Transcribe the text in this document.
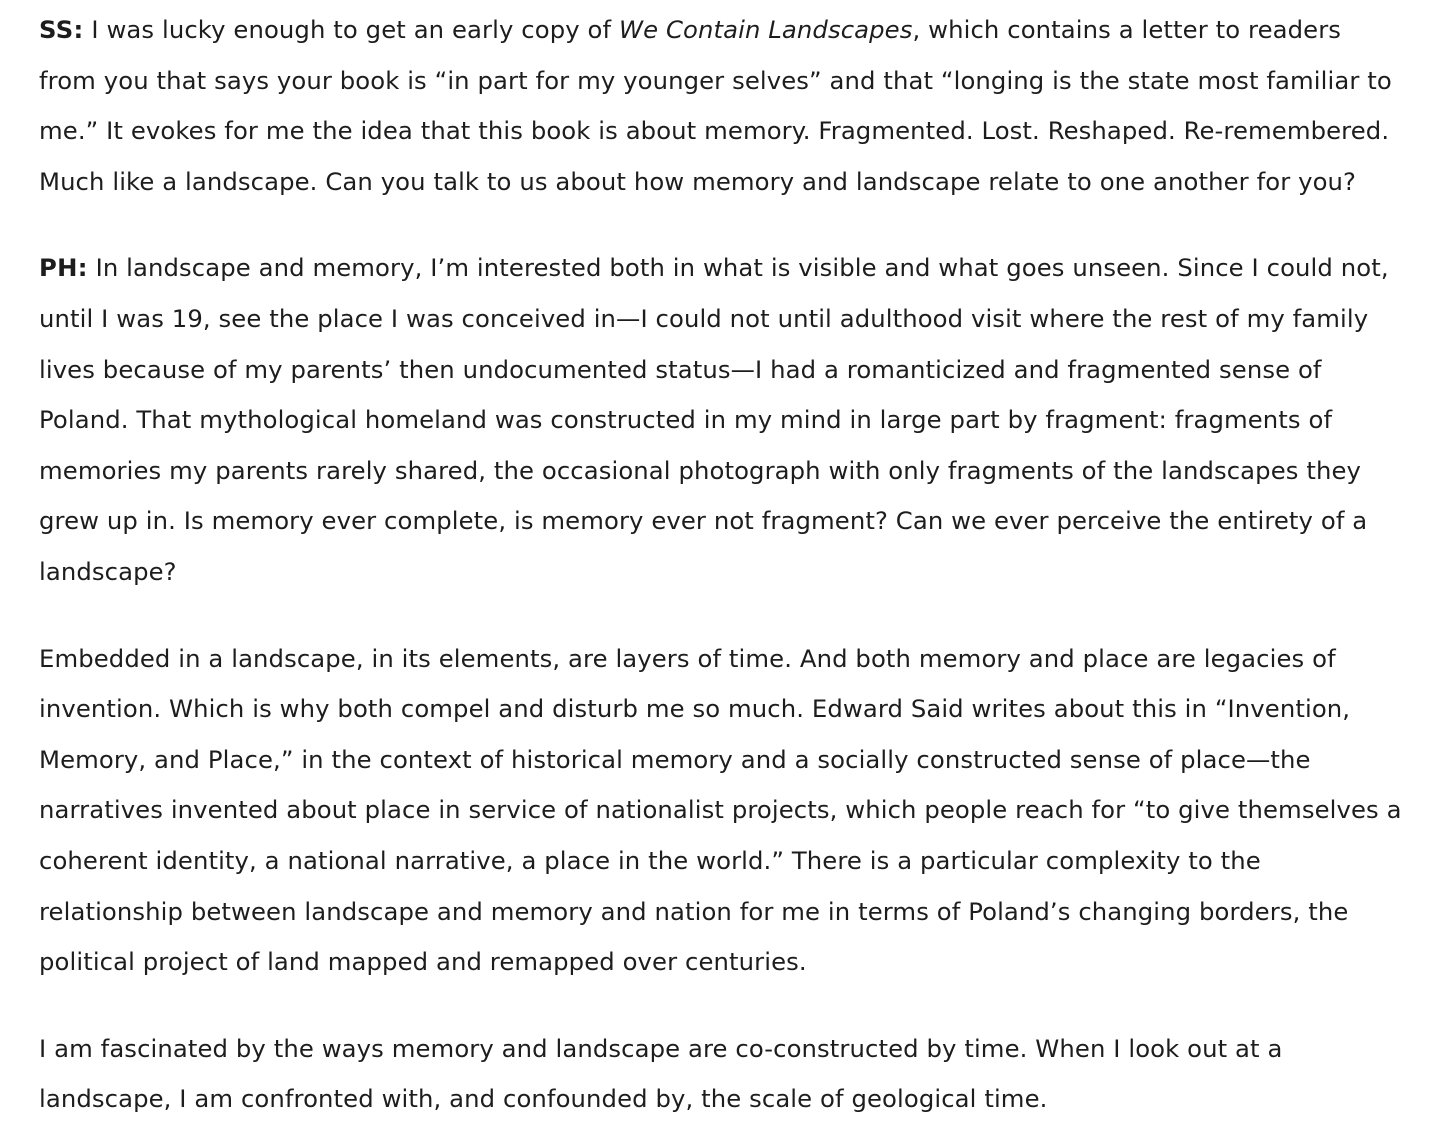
SS: I was lucky enough to get an early copy of We Contain Landscapes, which contains a letter to readers
from you that says your book is “in part for my younger selves” and that “longing is the state most familiar to
me.” It evokes for me the idea that this book is about memory. Fragmented. Lost. Reshaped. Re-remembered.
Much like a landscape. Can you talk to us about how memory and landscape relate to one another for you?

PH: In landscape and memory, I’m interested both in what is visible and what goes unseen. Since I could not,
until I was 19, see the place I was conceived in—I could not until adulthood visit where the rest of my family
lives because of my parents’ then undocumented status—I had a romanticized and fragmented sense of
Poland. That mythological homeland was constructed in my mind in large part by fragment: fragments of
memories my parents rarely shared, the occasional photograph with only fragments of the landscapes they
grew up in. Is memory ever complete, is memory ever not fragment? Can we ever perceive the entirety of a
landscape?

Embedded in a landscape, in its elements, are layers of time. And both memory and place are legacies of
invention. Which is why both compel and disturb me so much. Edward Said writes about this in “Invention,
Memory, and Place,” in the context of historical memory and a socially constructed sense of place—the
narratives invented about place in service of nationalist projects, which people reach for “to give themselves a
coherent identity, a national narrative, a place in the world.” There is a particular complexity to the
relationship between landscape and memory and nation for me in terms of Poland’s changing borders, the
political project of land mapped and remapped over centuries.

I am fascinated by the ways memory and landscape are co-constructed by time. When I look out at a
landscape, I am confronted with, and confounded by, the scale of geological time.
